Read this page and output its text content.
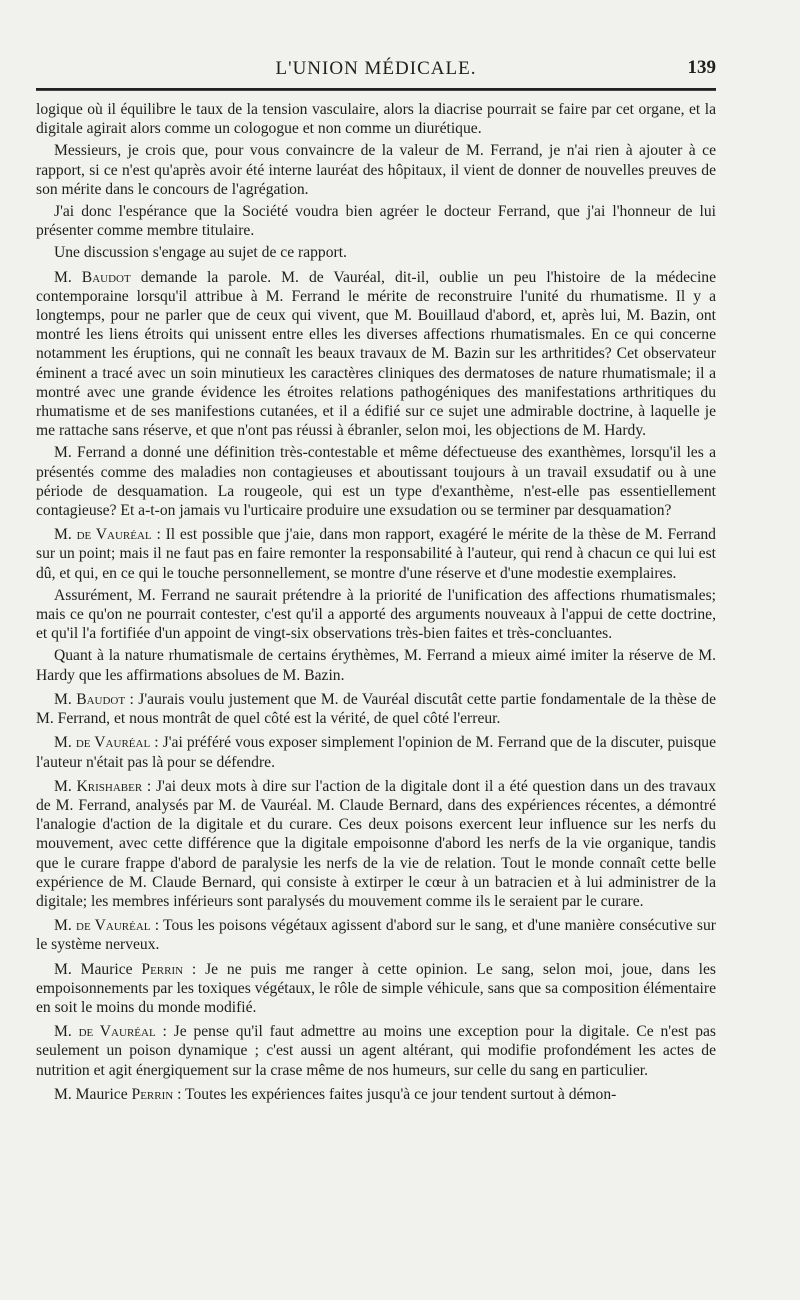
L'UNION MÉDICALE.	139

logique où il équilibre le taux de la tension vasculaire, alors la diacrise pourrait se faire par cet organe, et la digitale agirait alors comme un cologogue et non comme un diurétique.

Messieurs, je crois que, pour vous convaincre de la valeur de M. Ferrand, je n'ai rien à ajouter à ce rapport, si ce n'est qu'après avoir été interne lauréat des hôpitaux, il vient de donner de nouvelles preuves de son mérite dans le concours de l'agrégation.

J'ai donc l'espérance que la Société voudra bien agréer le docteur Ferrand, que j'ai l'honneur de lui présenter comme membre titulaire.

Une discussion s'engage au sujet de ce rapport.

M. Baudot demande la parole. M. de Vauréal, dit-il, oublie un peu l'histoire de la médecine contemporaine lorsqu'il attribue à M. Ferrand le mérite de reconstruire l'unité du rhumatisme. Il y a longtemps, pour ne parler que de ceux qui vivent, que M. Bouillaud d'abord, et, après lui, M. Bazin, ont montré les liens étroits qui unissent entre elles les diverses affections rhumatismales. En ce qui concerne notamment les éruptions, qui ne connaît les beaux travaux de M. Bazin sur les arthritides? Cet observateur éminent a tracé avec un soin minutieux les caractères cliniques des dermatoses de nature rhumatismale; il a montré avec une grande évidence les étroites relations pathogéniques des manifestations arthritiques du rhumatisme et de ses manifestions cutanées, et il a édifié sur ce sujet une admirable doctrine, à laquelle je me rattache sans réserve, et que n'ont pas réussi à ébranler, selon moi, les objections de M. Hardy.

M. Ferrand a donné une définition très-contestable et même défectueuse des exanthèmes, lorsqu'il les a présentés comme des maladies non contagieuses et aboutissant toujours à un travail exsudatif ou à une période de desquamation. La rougeole, qui est un type d'exanthème, n'est-elle pas essentiellement contagieuse? Et a-t-on jamais vu l'urticaire produire une exsudation ou se terminer par desquamation?

M. de Vauréal : Il est possible que j'aie, dans mon rapport, exagéré le mérite de la thèse de M. Ferrand sur un point; mais il ne faut pas en faire remonter la responsabilité à l'auteur, qui rend à chacun ce qui lui est dû, et qui, en ce qui le touche personnellement, se montre d'une réserve et d'une modestie exemplaires.

Assurément, M. Ferrand ne saurait prétendre à la priorité de l'unification des affections rhumatismales; mais ce qu'on ne pourrait contester, c'est qu'il a apporté des arguments nouveaux à l'appui de cette doctrine, et qu'il l'a fortifiée d'un appoint de vingt-six observations très-bien faites et très-concluantes.

Quant à la nature rhumatismale de certains érythèmes, M. Ferrand a mieux aimé imiter la réserve de M. Hardy que les affirmations absolues de M. Bazin.

M. Baudot : J'aurais voulu justement que M. de Vauréal discutât cette partie fondamentale de la thèse de M. Ferrand, et nous montrât de quel côté est la vérité, de quel côté l'erreur.

M. de Vauréal : J'ai préféré vous exposer simplement l'opinion de M. Ferrand que de la discuter, puisque l'auteur n'était pas là pour se défendre.

M. Krishaber : J'ai deux mots à dire sur l'action de la digitale dont il a été question dans un des travaux de M. Ferrand, analysés par M. de Vauréal. M. Claude Bernard, dans des expériences récentes, a démontré l'analogie d'action de la digitale et du curare. Ces deux poisons exercent leur influence sur les nerfs du mouvement, avec cette différence que la digitale empoisonne d'abord les nerfs de la vie organique, tandis que le curare frappe d'abord de paralysie les nerfs de la vie de relation. Tout le monde connaît cette belle expérience de M. Claude Bernard, qui consiste à extirper le cœur à un batracien et à lui administrer de la digitale; les membres inférieurs sont paralysés du mouvement comme ils le seraient par le curare.

M. de Vauréal : Tous les poisons végétaux agissent d'abord sur le sang, et d'une manière consécutive sur le système nerveux.

M. Maurice Perrin : Je ne puis me ranger à cette opinion. Le sang, selon moi, joue, dans les empoisonnements par les toxiques végétaux, le rôle de simple véhicule, sans que sa composition élémentaire en soit le moins du monde modifié.

M. de Vauréal : Je pense qu'il faut admettre au moins une exception pour la digitale. Ce n'est pas seulement un poison dynamique ; c'est aussi un agent altérant, qui modifie profondément les actes de nutrition et agit énergiquement sur la crase même de nos humeurs, sur celle du sang en particulier.

M. Maurice Perrin : Toutes les expériences faites jusqu'à ce jour tendent surtout à démon-
